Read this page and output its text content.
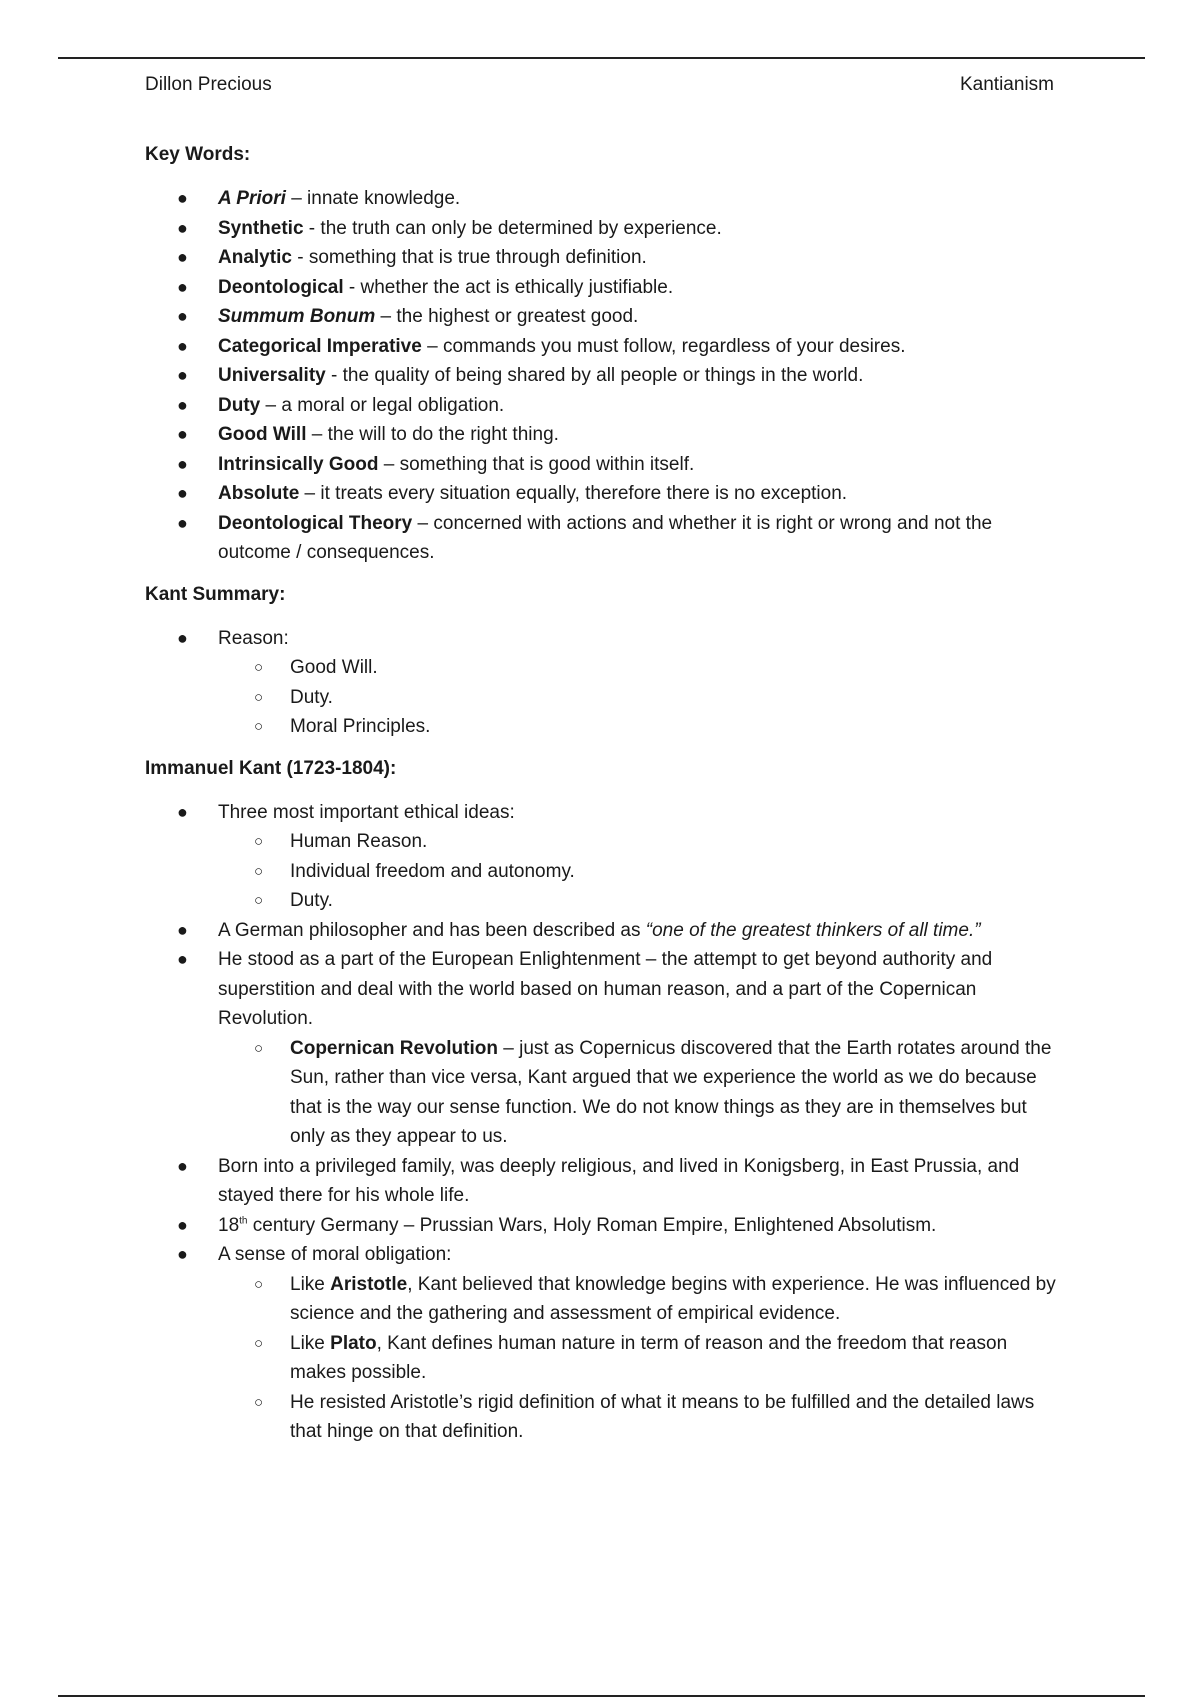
Dillon Precious	Kantianism
Key Words:
● A Priori – innate knowledge.
● Synthetic - the truth can only be determined by experience.
● Analytic - something that is true through definition.
● Deontological - whether the act is ethically justifiable.
● Summum Bonum – the highest or greatest good.
● Categorical Imperative – commands you must follow, regardless of your desires.
● Universality - the quality of being shared by all people or things in the world.
● Duty – a moral or legal obligation.
● Good Will – the will to do the right thing.
● Intrinsically Good – something that is good within itself.
● Absolute – it treats every situation equally, therefore there is no exception.
● Deontological Theory – concerned with actions and whether it is right or wrong and not the outcome / consequences.
Kant Summary:
● Reason:
○ Good Will.
○ Duty.
○ Moral Principles.
Immanuel Kant (1723-1804):
● Three most important ethical ideas:
○ Human Reason.
○ Individual freedom and autonomy.
○ Duty.
● A German philosopher and has been described as “one of the greatest thinkers of all time.”
● He stood as a part of the European Enlightenment – the attempt to get beyond authority and superstition and deal with the world based on human reason, and a part of the Copernican Revolution.
○ Copernican Revolution – just as Copernicus discovered that the Earth rotates around the Sun, rather than vice versa, Kant argued that we experience the world as we do because that is the way our sense function. We do not know things as they are in themselves but only as they appear to us.
● Born into a privileged family, was deeply religious, and lived in Konigsberg, in East Prussia, and stayed there for his whole life.
● 18th century Germany – Prussian Wars, Holy Roman Empire, Enlightened Absolutism.
● A sense of moral obligation:
○ Like Aristotle, Kant believed that knowledge begins with experience. He was influenced by science and the gathering and assessment of empirical evidence.
○ Like Plato, Kant defines human nature in term of reason and the freedom that reason makes possible.
○ He resisted Aristotle’s rigid definition of what it means to be fulfilled and the detailed laws that hinge on that definition.
